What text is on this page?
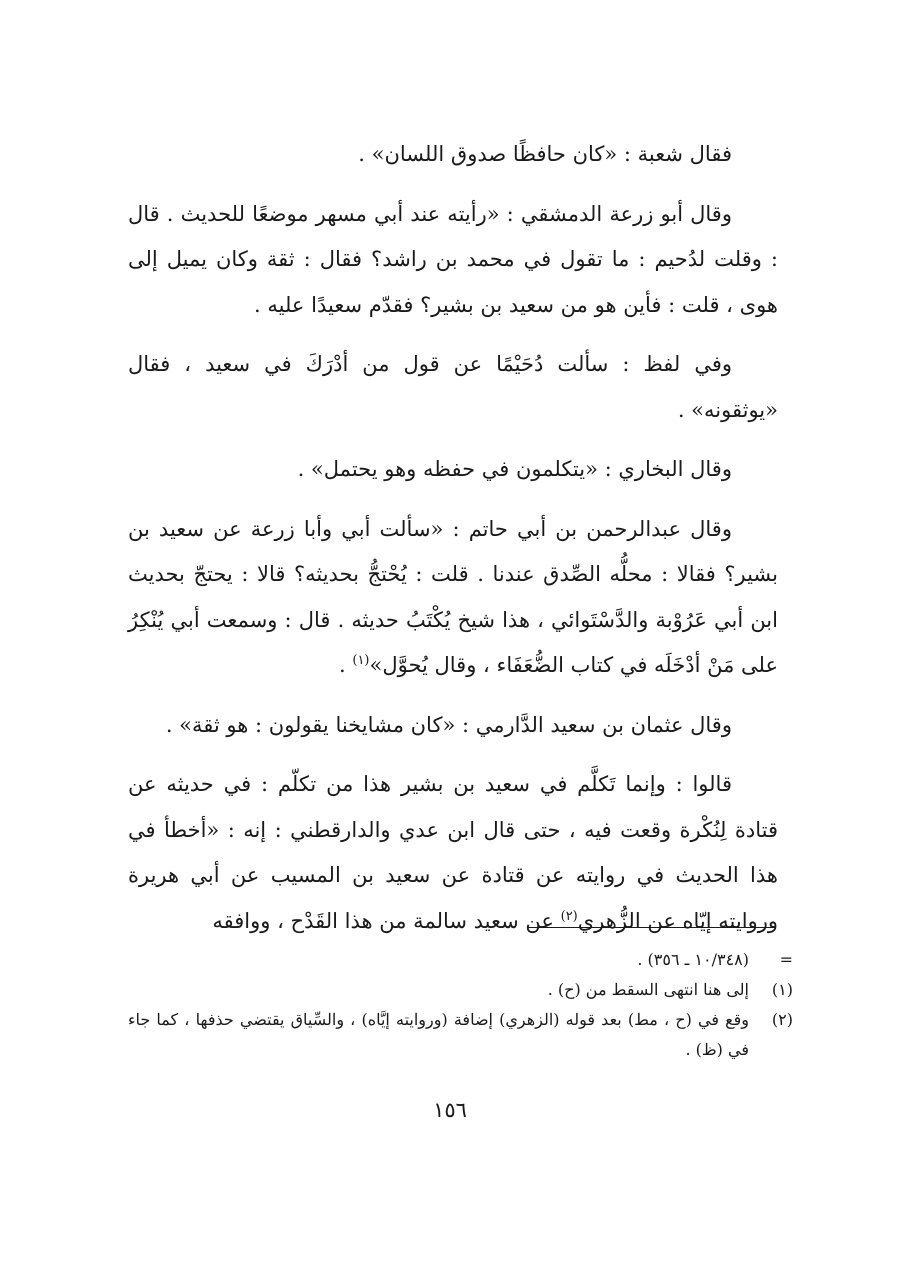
فقال شعبة : «كان حافظًا صدوق اللسان» .

وقال أبو زرعة الدمشقي : «رأيته عند أبي مسهر موضعًا للحديث . قال : وقلت لدُحيم : ما تقول في محمد بن راشد؟ فقال : ثقة وكان يميل إلى هوى ، قلت : فأين هو من سعيد بن بشير؟ فقدّم سعيدًا عليه .

وفي لفظ : سألت دُحَيْمًا عن قول من أدْرَكَ في سعيد ، فقال «يوثقونه» .

وقال البخاري : «يتكلمون في حفظه وهو يحتمل» .

وقال عبدالرحمن بن أبي حاتم : «سألت أبي وأبا زرعة عن سعيد بن بشير؟ فقالا : محلُّه الصِّدق عندنا . قلت : يُحْتجُّ بحديثه؟ قالا : يحتجّ بحديث ابن أبي عَرُوْبة والدَّسْتَوائي ، هذا شيخ يُكْتَبُ حديثه . قال : وسمعت أبي يُنْكِرُ على مَنْ أدْخَلَه في كتاب الضُّعَفَاء ، وقال يُحوَّل»$^{(١)}$ .

وقال عثمان بن سعيد الدَّارمي : «كان مشايخنا يقولون : هو ثقة» .

قالوا : وإنما تَكلَّم في سعيد بن بشير هذا من تكلّم : في حديثه عن قتادة لِنُكْرة وقعت فيه ، حتى قال ابن عدي والدارقطني : إنه : «أخطأ في هذا الحديث في روايته عن قتادة عن سعيد بن المسيب عن أبي هريرة وروايته إيّاه عن الزُّهري$^{(٢)}$ عن سعيد سالمة من هذا القَدْح ، ووافقه

=
(١٠/٣٤٨ ـ ٣٥٦) .
(١)
إلى هنا انتهى السقط من (ح) .
(٢)
وقع في (ح ، مط) بعد قوله (الزهري) إضافة (وروايته إيَّاه) ، والسِّياق يقتضي حذفها ، كما جاء في (ظ) .
١٥٦
